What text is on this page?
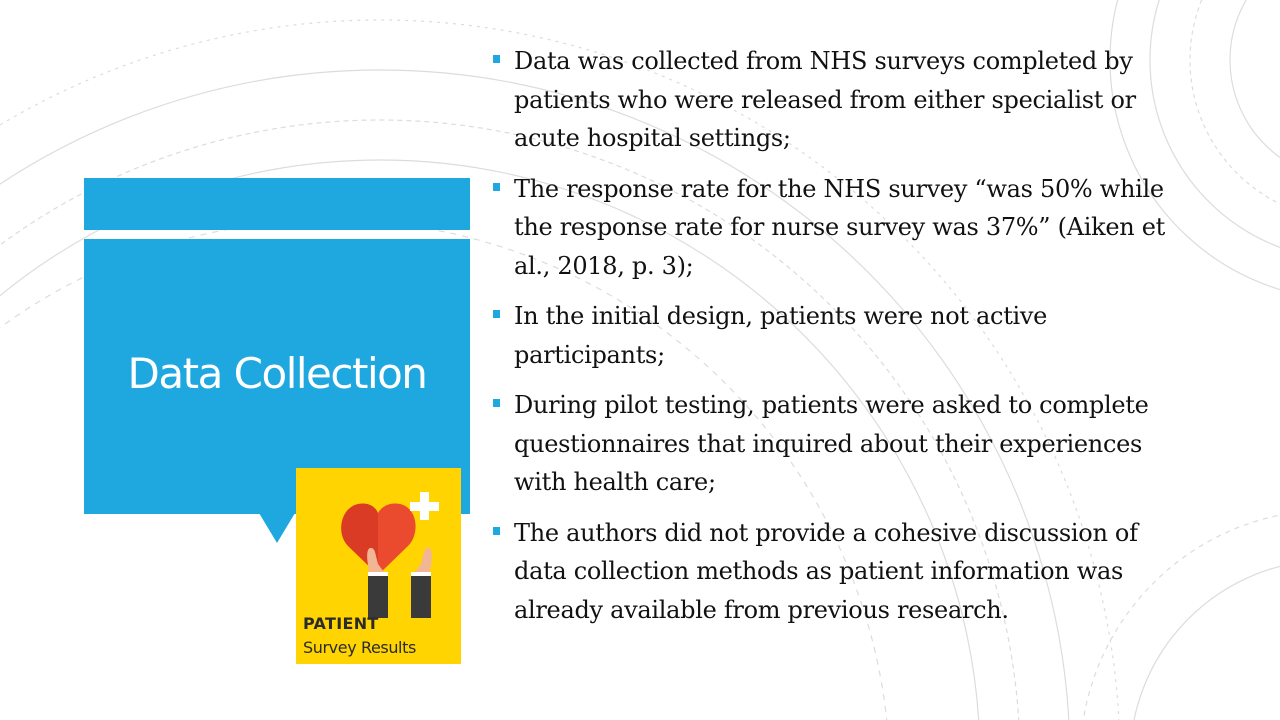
Data Collection
PATIENT
Survey Results
Data was collected from NHS surveys completed by patients who were released from either specialist or acute hospital settings;
The response rate for the NHS survey “was 50% while the response rate for nurse survey was 37%” (Aiken et al., 2018, p. 3);
In the initial design, patients were not active participants;
During pilot testing, patients were asked to complete questionnaires that inquired about their experiences with health care;
The authors did not provide a cohesive discussion of data collection methods as patient information was already available from previous research.
